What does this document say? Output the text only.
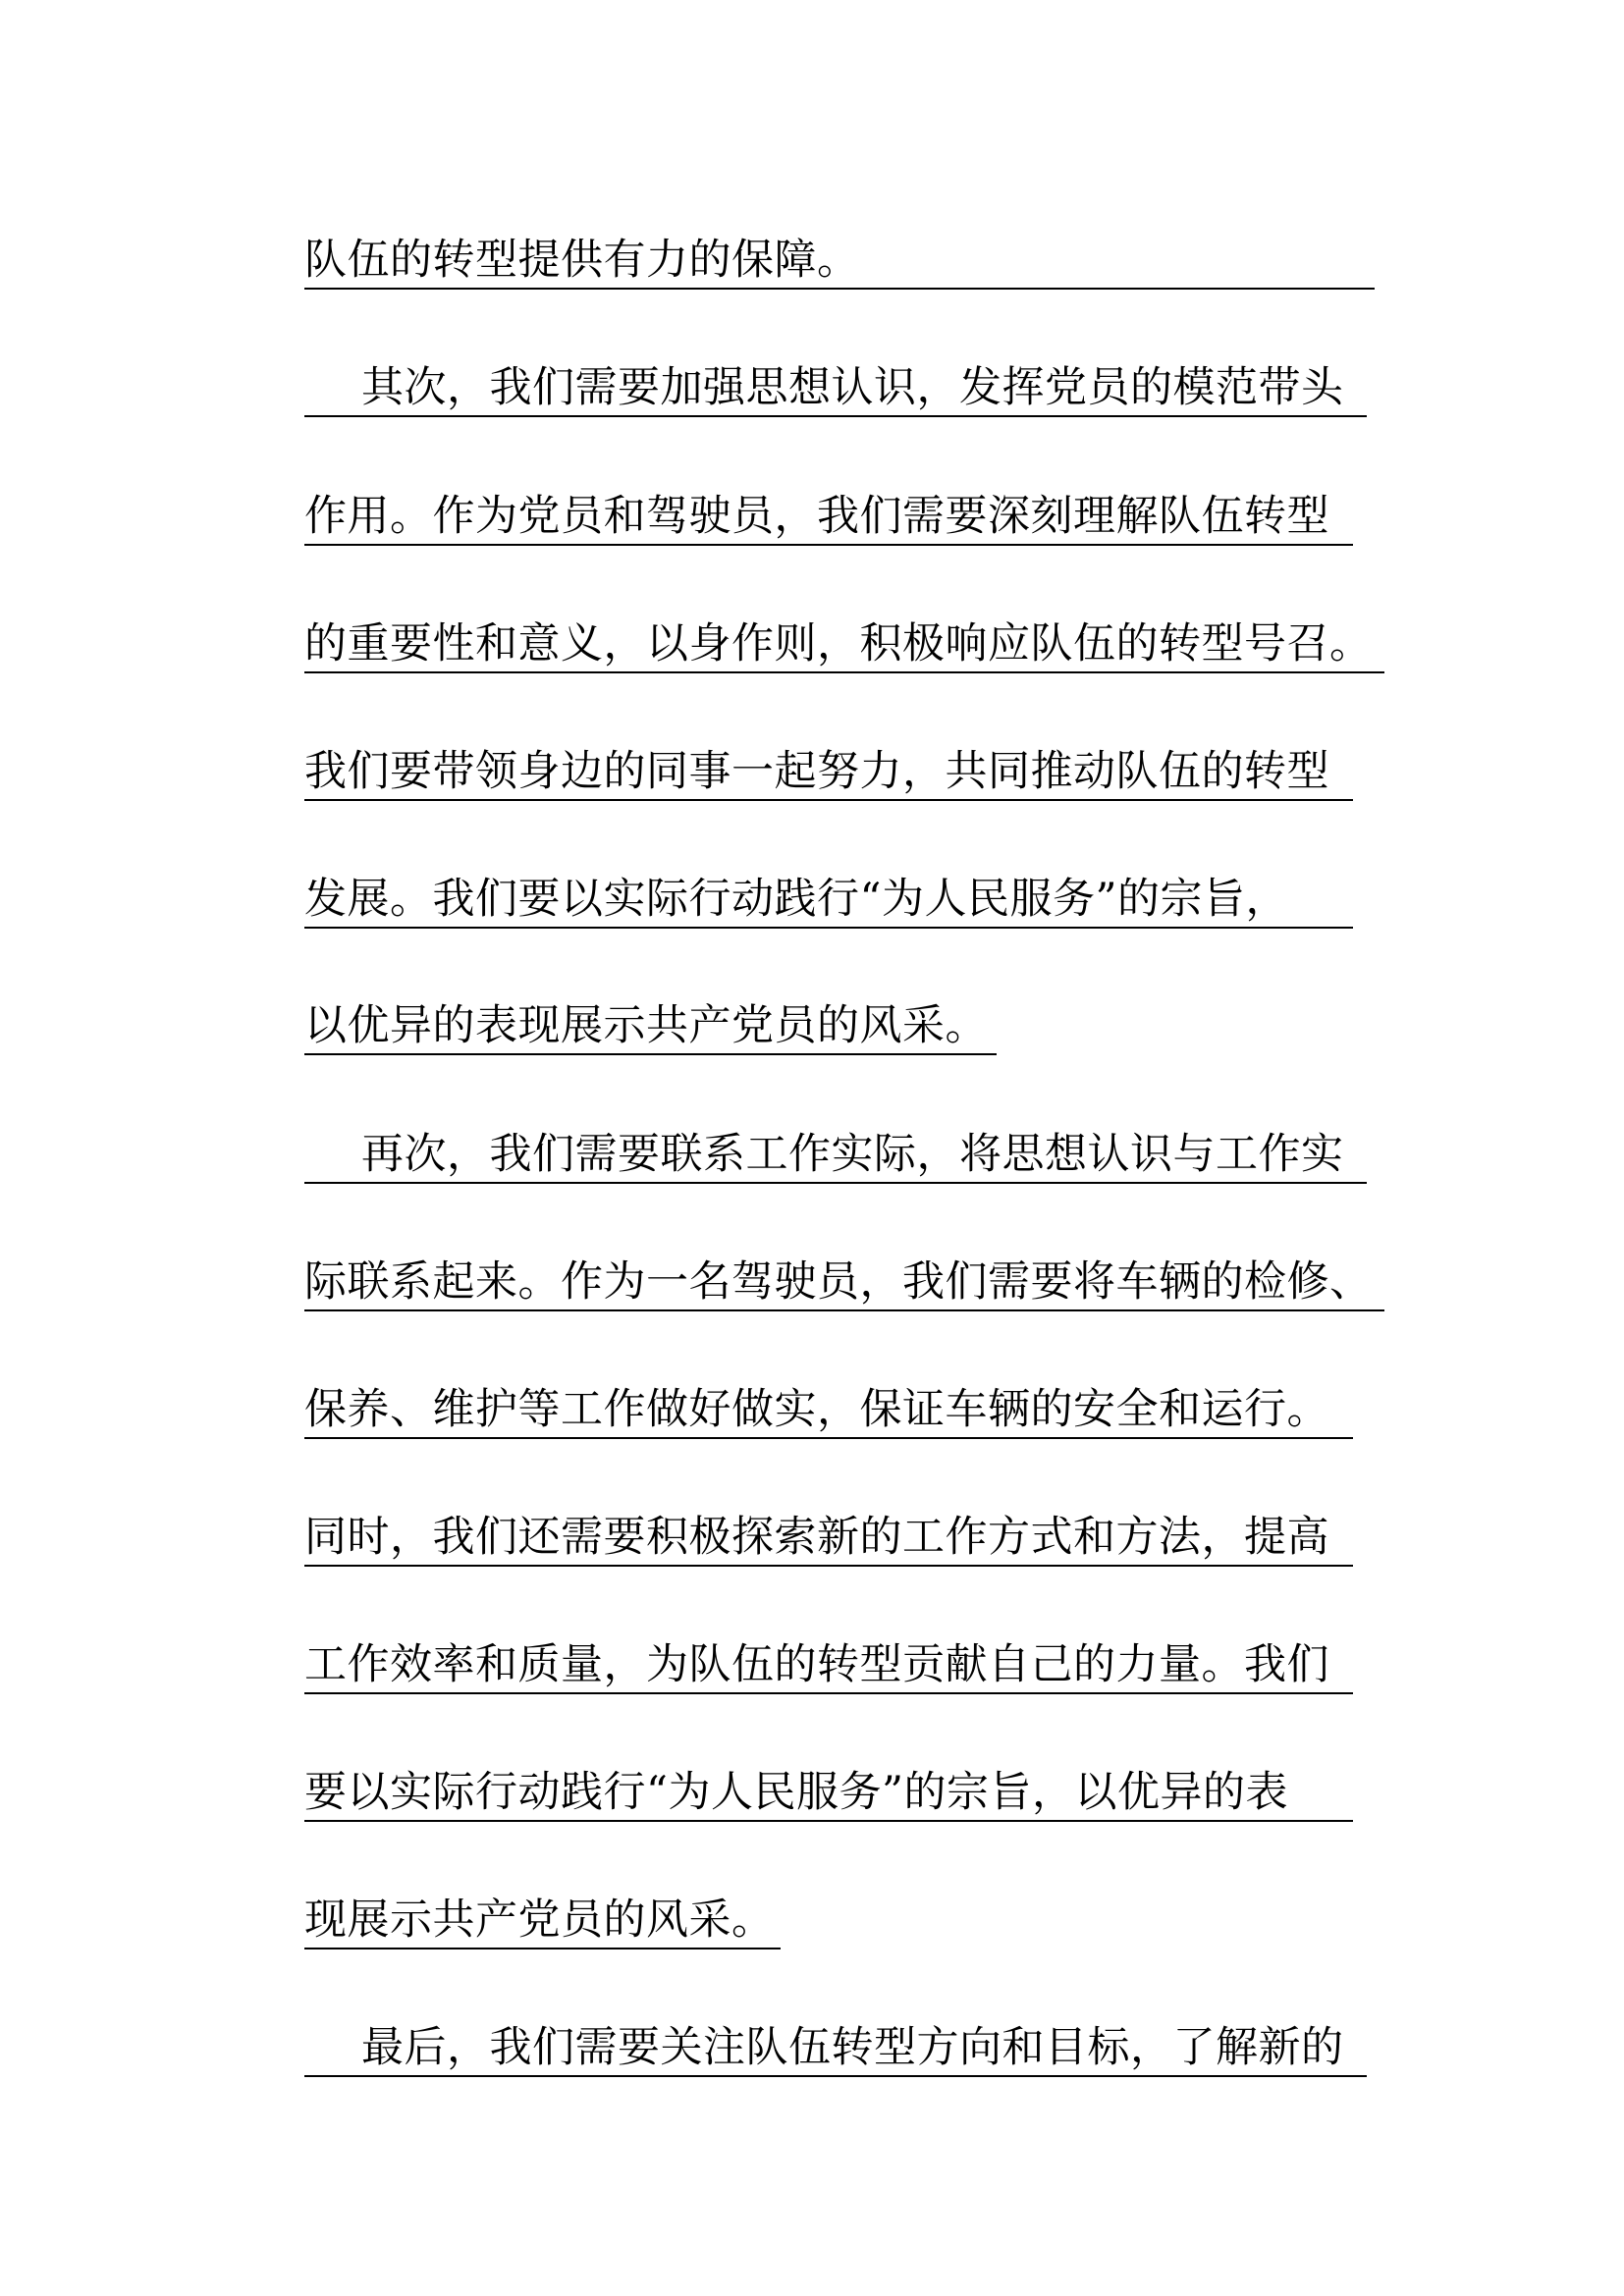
队伍的转型提供有力的保障。
其次，我们需要加强思想认识，发挥党员的模范带头
作用。作为党员和驾驶员，我们需要深刻理解队伍转型
的重要性和意义，以身作则，积极响应队伍的转型号召。
我们要带领身边的同事一起努力，共同推动队伍的转型
发展。我们要以实际行动践行“为人民服务”的宗旨，
以优异的表现展示共产党员的风采。
再次，我们需要联系工作实际，将思想认识与工作实
际联系起来。作为一名驾驶员，我们需要将车辆的检修、
保养、维护等工作做好做实，保证车辆的安全和运行。
同时，我们还需要积极探索新的工作方式和方法，提高
工作效率和质量，为队伍的转型贡献自己的力量。我们
要以实际行动践行“为人民服务”的宗旨，以优异的表
现展示共产党员的风采。
最后，我们需要关注队伍转型方向和目标，了解新的
